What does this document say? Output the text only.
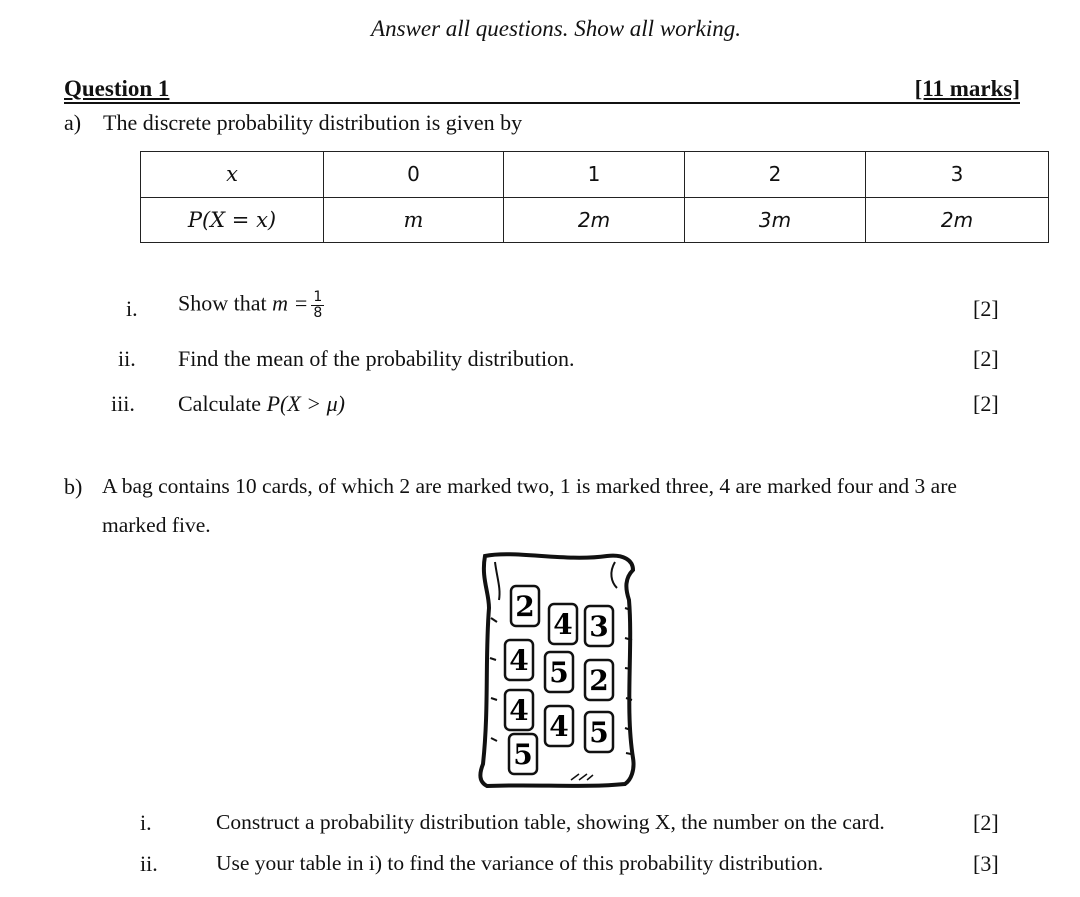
Answer all questions. Show all working.
Question 1	[11 marks]
a) The discrete probability distribution is given by
x	0	1	2	3
P(X = x)	m	2m	3m	2m
i. Show that $m = \frac{1}{8}$	[2]
ii. Find the mean of the probability distribution.	[2]
iii. Calculate P(X > μ)	[2]
b) A bag contains 10 cards, of which 2 are marked two, 1 is marked three, 4 are marked four and 3 are
marked five.
2
4 3
4 5 2
4 4 5
5
i.	Construct a probability distribution table, showing X, the number on the card.	[2]
ii.	Use your table in i) to find the variance of this probability distribution.	[3]
